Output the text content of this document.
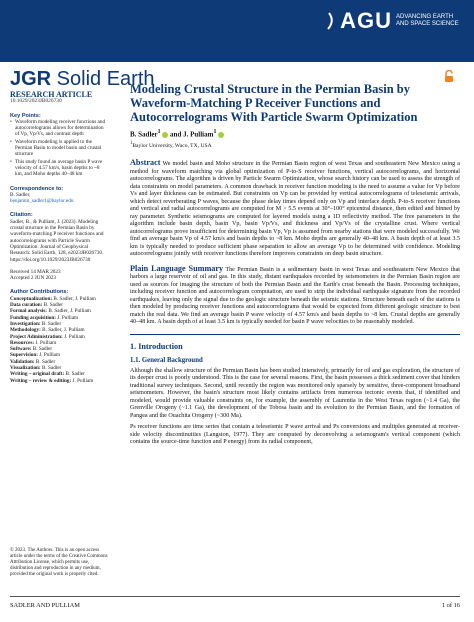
AGU ADVANCING EARTH AND SPACE SCIENCE
JGR Solid Earth
RESEARCH ARTICLE
10.1029/2023JB026730
Key Points:
• Waveform modeling receiver functions and autocorrelograms allows for determination of Vp, Vp/Vs, and contrast depth
• Waveform modeling is applied to the Permian Basin to model basin and crustal structure
• This study found an average basin P wave velocity of 4.57 km/s, basin depths to ~8 km, and Moho depths 40–48 km
Correspondence to:
B. Sadler,
benjamin_sadler1@baylor.edu
Citation:
Sadler, B., & Pulliam, J. (2023). Modeling crustal structure in the Permian Basin by waveform-matching P receiver functions and autocorrelograms with Particle Swarm Optimization. Journal of Geophysical Research: Solid Earth, 128, e2023JB026730. https://doi.org/10.1029/2023JB026730
Received 14 MAR 2023
Accepted 2 JUN 2023
Author Contributions:
Conceptualization: B. Sadler, J. Pulliam
Data curation: B. Sadler
Formal analysis: B. Sadler, J. Pulliam
Funding acquisition: J. Pulliam
Investigation: B. Sadler
Methodology: B. Sadler, J. Pulliam
Project Administration: J. Pulliam
Resources: J. Pulliam
Software: B. Sadler
Supervision: J. Pulliam
Validation: B. Sadler
Visualization: B. Sadler
Writing – original draft: B. Sadler
Writing – review & editing: J. Pulliam
© 2023. The Authors. This is an open access article under the terms of the Creative Commons Attribution License, which permits use, distribution and reproduction in any medium, provided the original work is properly cited.
Modeling Crustal Structure in the Permian Basin by Waveform-Matching P Receiver Functions and Autocorrelograms With Particle Swarm Optimization
B. Sadler$^1$  and J. Pulliam$^1$
$^1$Baylor University, Waco, TX, USA
Abstract We model basin and Moho structure in the Permian Basin region of west Texas and southeastern New Mexico using a method for waveform matching via global optimization of P-to-S receiver functions, vertical autocorrelograms, and horizontal autocorrelograms. The algorithm is driven by Particle Swarm Optimization, whose search history can be used to assess the strength of data constraints on model parameters. A common drawback in receiver function modeling is the need to assume a value for Vp before Vs and layer thickness can be estimated. But constraints on Vp can be provided by vertical autocorrelograms of teleseismic arrivals, which detect reverberating P waves, because the phase delay times depend only on Vp and interface depth. P-to-S receiver functions and vertical and radial autocorrelograms are computed for M > 5.5 events at 30°–100° epicentral distance, then edited and binned by ray parameter. Synthetic seismograms are computed for layered models using a 1D reflectivity method. The free parameters in the algorithm include basin depth, basin Vp, basin Vp/Vs, and thickness and Vp/Vs of the crystalline crust. Where vertical autocorrelograms prove insufficient for determining basin Vp, Vp is assumed from nearby stations that were modeled successfully. We find an average basin Vp of 4.57 km/s and basin depths to ~8 km. Moho depths are generally 40–48 km. A basin depth of at least 3.5 km is typically needed to produce sufficient phase separation to allow an average Vp to be determined with confidence. Modeling autocorrelograms jointly with receiver functions therefore improves constraints on deep basin structure.
Plain Language Summary The Permian Basin is a sedimentary basin in west Texas and southeastern New Mexico that harbors a large reservoir of oil and gas. In this study, distant earthquakes recorded by seismometers in the Permian Basin region are used as sources for imaging the structure of both the Permian Basin and the Earth's crust beneath the Basin. Processing techniques, including receiver function and autocorrelogram computation, are used to strip the individual earthquake signature from the recorded earthquakes, leaving only the signal due to the geologic structure beneath the seismic stations. Structure beneath each of the stations is then modeled by producing receiver functions and autocorrelograms that would be expected from different geologic structure to best match the real data. We find an average basin P wave velocity of 4.57 km/s and basin depths to ~8 km. Crustal depths are generally 40–48 km. A basin depth of at least 3.5 km is typically needed for basin P wave velocities to be reasonably modeled.
1. Introduction
1.1. General Background
Although the shallow structure of the Permian Basin has been studied intensively, primarily for oil and gas exploration, the structure of its deeper crust is poorly understood. This is the case for several reasons. First, the basin possesses a thick sediment cover that hinders traditional survey techniques. Second, until recently the region was monitored only sparsely by sensitive, three-component broadband seismometers. However, the basin's structure most likely contains artifacts from numerous tectonic events that, if identified and modeled, would provide valuable constraints on, for example, the assembly of Laurentia in the West Texas region (~1.4 Ga), the Grenville Orogeny (~1.1 Ga), the development of the Tobosa basin and its evolution to the Permian Basin, and the formation of Pangea and the Ouachita Orogeny (~300 Ma).
Ps receiver functions are time series that contain a teleseismic P wave arrival and Ps conversions and multiples generated at receiver-side velocity discontinuities (Langston, 1977). They are computed by deconvolving a seismogram's vertical component (which contains the source-time function and P energy) from its radial component,
SADLER AND PULLIAM	1 of 16
